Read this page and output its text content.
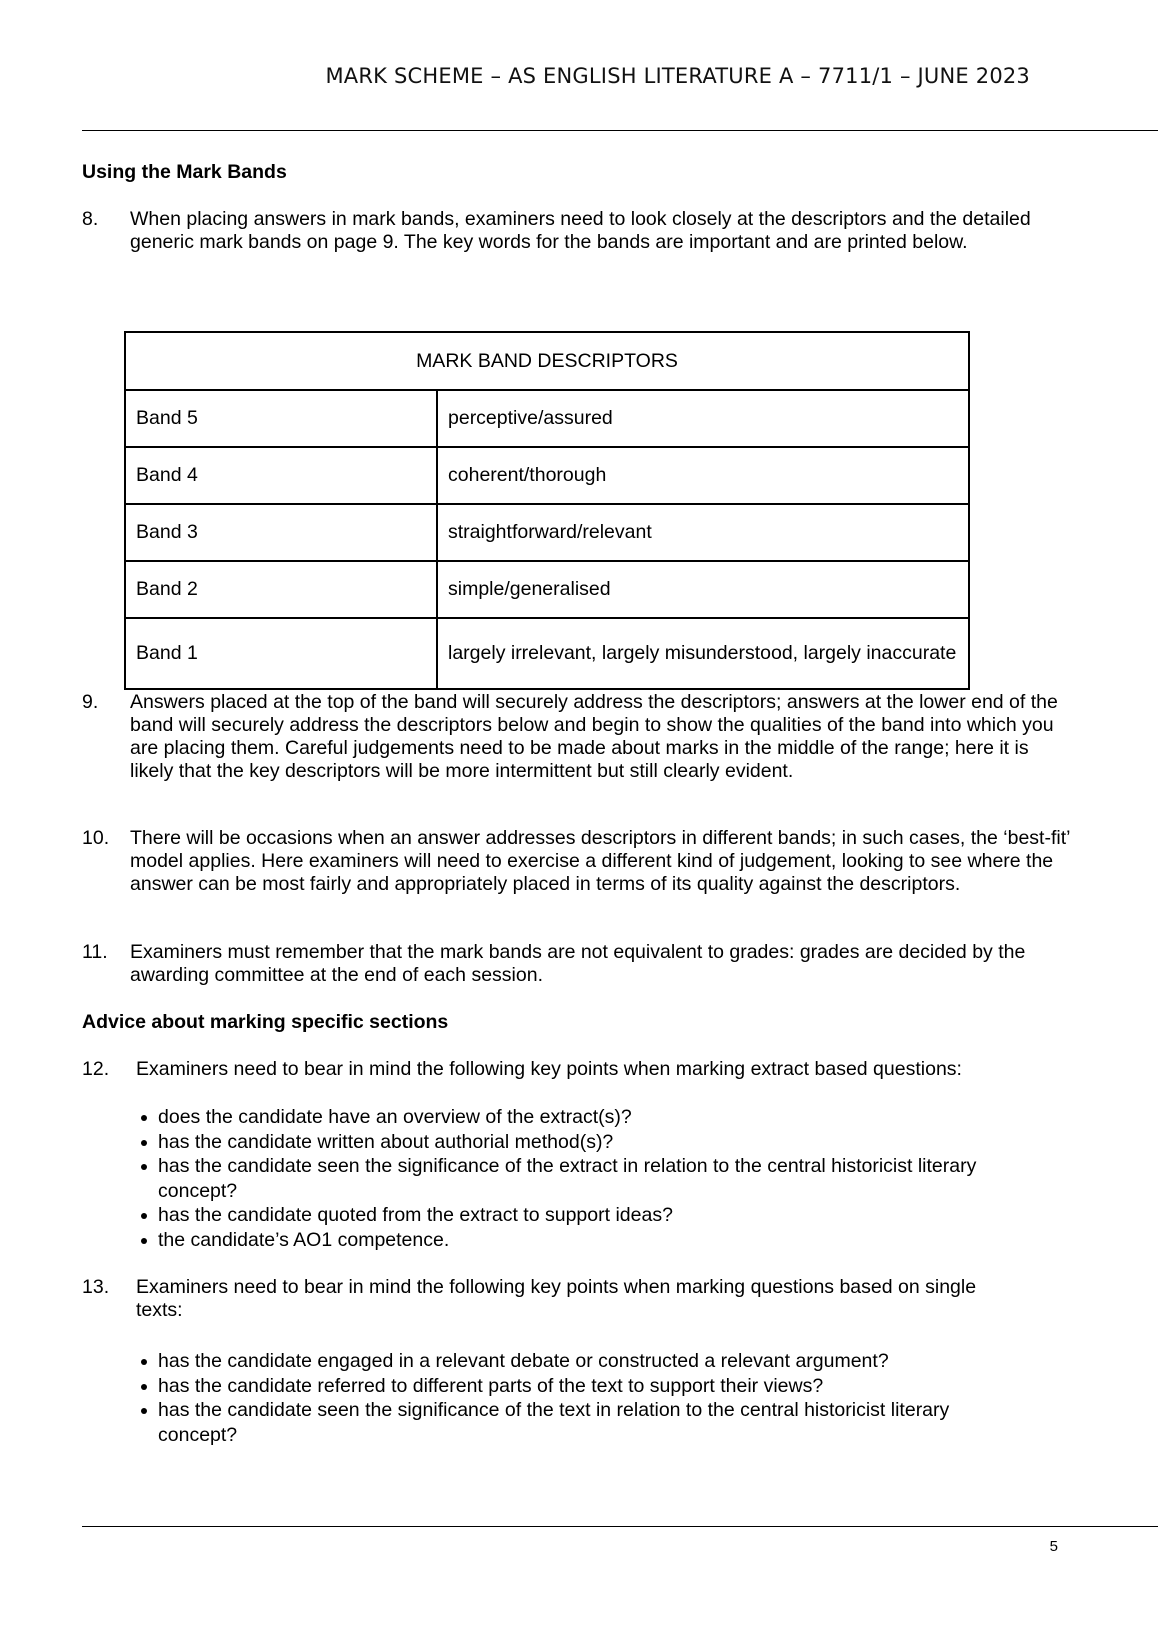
MARK SCHEME – AS ENGLISH LITERATURE A – 7711/1 – JUNE 2023
Using the Mark Bands
8. When placing answers in mark bands, examiners need to look closely at the descriptors and the detailed generic mark bands on page 9. The key words for the bands are important and are printed below.
MARK BAND DESCRIPTORS	
Band 5	perceptive/assured
Band 4	coherent/thorough
Band 3	straightforward/relevant
Band 2	simple/generalised
Band 1	largely irrelevant, largely misunderstood, largely inaccurate
9. Answers placed at the top of the band will securely address the descriptors; answers at the lower end of the band will securely address the descriptors below and begin to show the qualities of the band into which you are placing them. Careful judgements need to be made about marks in the middle of the range; here it is likely that the key descriptors will be more intermittent but still clearly evident.
10. There will be occasions when an answer addresses descriptors in different bands; in such cases, the ‘best-fit’ model applies. Here examiners will need to exercise a different kind of judgement, looking to see where the answer can be most fairly and appropriately placed in terms of its quality against the descriptors.
11. Examiners must remember that the mark bands are not equivalent to grades: grades are decided by the awarding committee at the end of each session.
Advice about marking specific sections
12. Examiners need to bear in mind the following key points when marking extract based questions:
does the candidate have an overview of the extract(s)?
has the candidate written about authorial method(s)?
has the candidate seen the significance of the extract in relation to the central historicist literary concept?
has the candidate quoted from the extract to support ideas?
the candidate’s AO1 competence.
13. Examiners need to bear in mind the following key points when marking questions based on single texts:
has the candidate engaged in a relevant debate or constructed a relevant argument?
has the candidate referred to different parts of the text to support their views?
has the candidate seen the significance of the text in relation to the central historicist literary concept?
5
